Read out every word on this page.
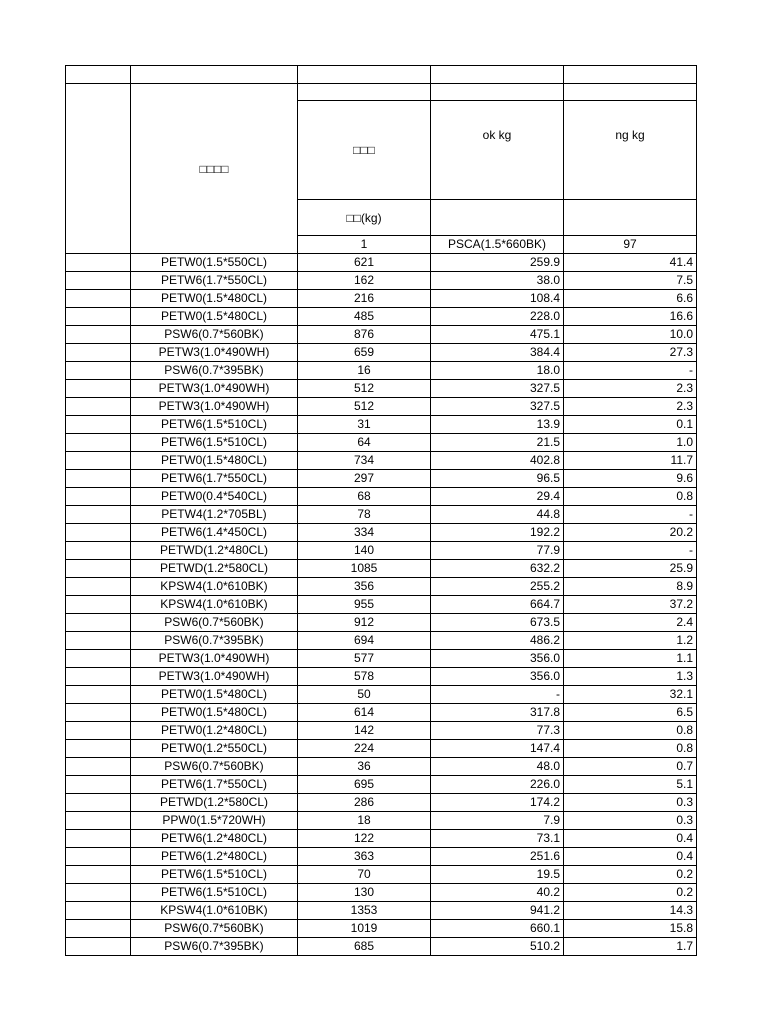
	□□□□				
		□□□	ok kg	ng kg	
		□□(kg)			
		1	PSCA(1.5*660BK)	97		
	PETW0(1.5*550CL)	621	259.9	41.4	
	PETW6(1.7*550CL)	162	38.0	7.5	
	PETW0(1.5*480CL)	216	108.4	6.6	
	PETW0(1.5*480CL)	485	228.0	16.6	
	PSW6(0.7*560BK)	876	475.1	10.0	
	PETW3(1.0*490WH)	659	384.4	27.3	
	PSW6(0.7*395BK)	16	18.0	-	
	PETW3(1.0*490WH)	512	327.5	2.3	
	PETW3(1.0*490WH)	512	327.5	2.3	
	PETW6(1.5*510CL)	31	13.9	0.1	
	PETW6(1.5*510CL)	64	21.5	1.0	
	PETW0(1.5*480CL)	734	402.8	11.7	
	PETW6(1.7*550CL)	297	96.5	9.6	
	PETW0(0.4*540CL)	68	29.4	0.8	
	PETW4(1.2*705BL)	78	44.8	-	
	PETW6(1.4*450CL)	334	192.2	20.2	
	PETWD(1.2*480CL)	140	77.9	-	
	PETWD(1.2*580CL)	1085	632.2	25.9	
	KPSW4(1.0*610BK)	356	255.2	8.9	
	KPSW4(1.0*610BK)	955	664.7	37.2	
	PSW6(0.7*560BK)	912	673.5	2.4	
	PSW6(0.7*395BK)	694	486.2	1.2	
	PETW3(1.0*490WH)	577	356.0	1.1	
	PETW3(1.0*490WH)	578	356.0	1.3	
	PETW0(1.5*480CL)	50	-	32.1	
	PETW0(1.5*480CL)	614	317.8	6.5	
	PETW0(1.2*480CL)	142	77.3	0.8	
	PETW0(1.2*550CL)	224	147.4	0.8	
	PSW6(0.7*560BK)	36	48.0	0.7	
	PETW6(1.7*550CL)	695	226.0	5.1	
	PETWD(1.2*580CL)	286	174.2	0.3	
	PPW0(1.5*720WH)	18	7.9	0.3	
	PETW6(1.2*480CL)	122	73.1	0.4	
	PETW6(1.2*480CL)	363	251.6	0.4	
	PETW6(1.5*510CL)	70	19.5	0.2	
	PETW6(1.5*510CL)	130	40.2	0.2	
	KPSW4(1.0*610BK)	1353	941.2	14.3	
	PSW6(0.7*560BK)	1019	660.1	15.8	
	PSW6(0.7*395BK)	685	510.2	1.7	
